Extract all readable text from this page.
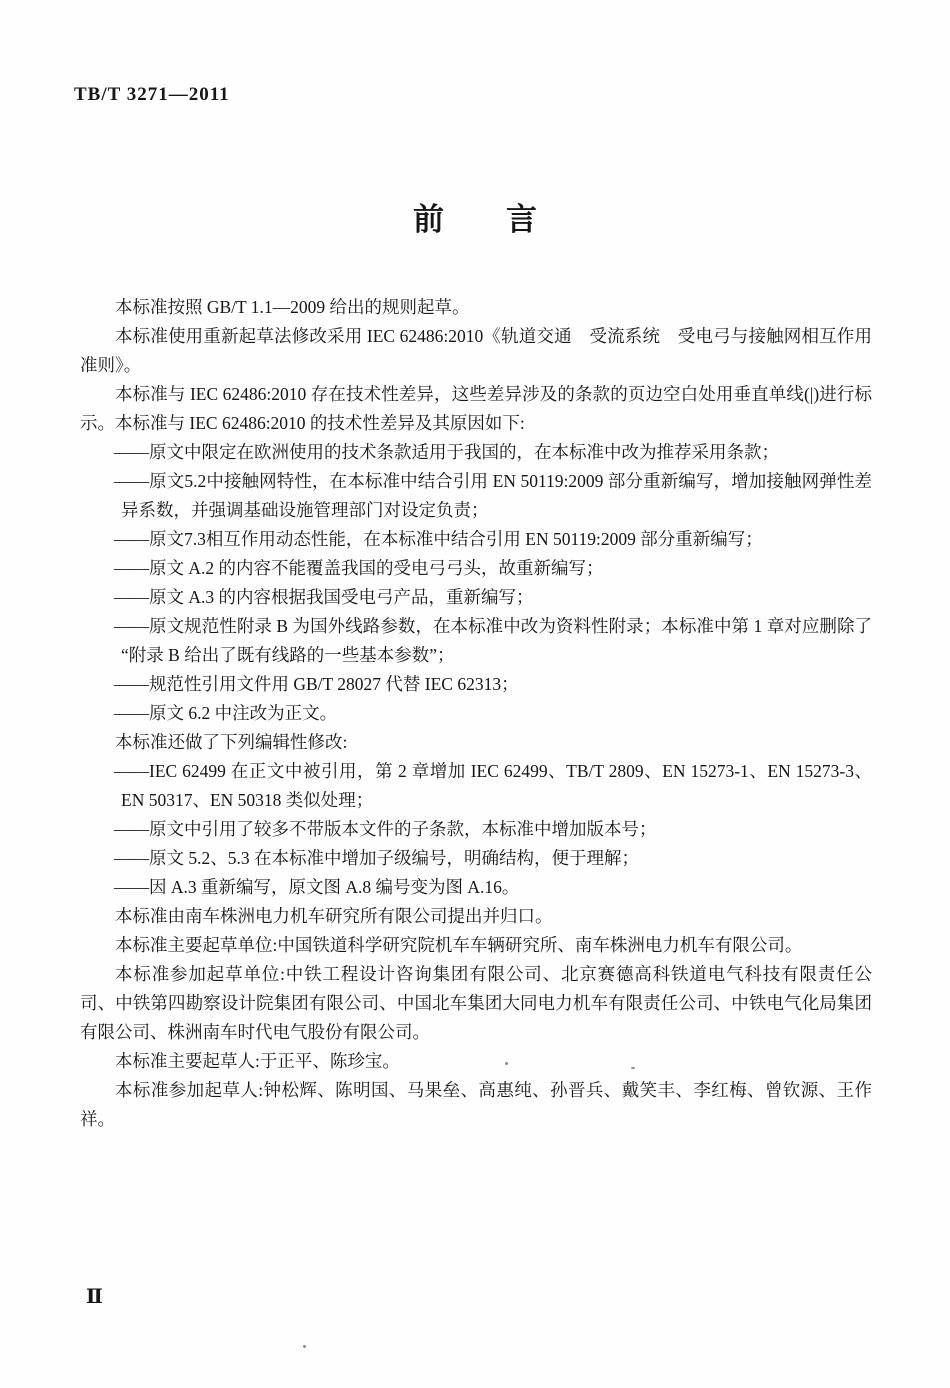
TB/T 3271—2011
前　　言

本标准按照 GB/T 1.1—2009 给出的规则起草。

本标准使用重新起草法修改采用 IEC 62486:2010《轨道交通　受流系统　受电弓与接触网相互作用准则》。

本标准与 IEC 62486:2010 存在技术性差异，这些差异涉及的条款的页边空白处用垂直单线(|)进行标示。本标准与 IEC 62486:2010 的技术性差异及其原因如下:

——原文中限定在欧洲使用的技术条款适用于我国的，在本标准中改为推荐采用条款；

——原文5.2中接触网特性，在本标准中结合引用 EN 50119:2009 部分重新编写，增加接触网弹性差异系数，并强调基础设施管理部门对设定负责；

——原文7.3相互作用动态性能，在本标准中结合引用 EN 50119:2009 部分重新编写；

——原文 A.2 的内容不能覆盖我国的受电弓弓头，故重新编写；

——原文 A.3 的内容根据我国受电弓产品，重新编写；

——原文规范性附录 B 为国外线路参数，在本标准中改为资料性附录；本标准中第 1 章对应删除了“附录 B 给出了既有线路的一些基本参数”；

——规范性引用文件用 GB/T 28027 代替 IEC 62313；

——原文 6.2 中注改为正文。

本标准还做了下列编辑性修改:

——IEC 62499 在正文中被引用，第 2 章增加 IEC 62499、TB/T 2809、EN 15273-1、EN 15273-3、EN 50317、EN 50318 类似处理；

——原文中引用了较多不带版本文件的子条款，本标准中增加版本号；

——原文 5.2、5.3 在本标准中增加子级编号，明确结构，便于理解；

——因 A.3 重新编写，原文图 A.8 编号变为图 A.16。

本标准由南车株洲电力机车研究所有限公司提出并归口。

本标准主要起草单位:中国铁道科学研究院机车车辆研究所、南车株洲电力机车有限公司。

本标准参加起草单位:中铁工程设计咨询集团有限公司、北京赛德高科铁道电气科技有限责任公司、中铁第四勘察设计院集团有限公司、中国北车集团大同电力机车有限责任公司、中铁电气化局集团有限公司、株洲南车时代电气股份有限公司。

本标准主要起草人:于正平、陈珍宝。

本标准参加起草人:钟松辉、陈明国、马果垒、高惠纯、孙晋兵、戴笑丰、李红梅、曾钦源、王作祥。

Ⅱ
